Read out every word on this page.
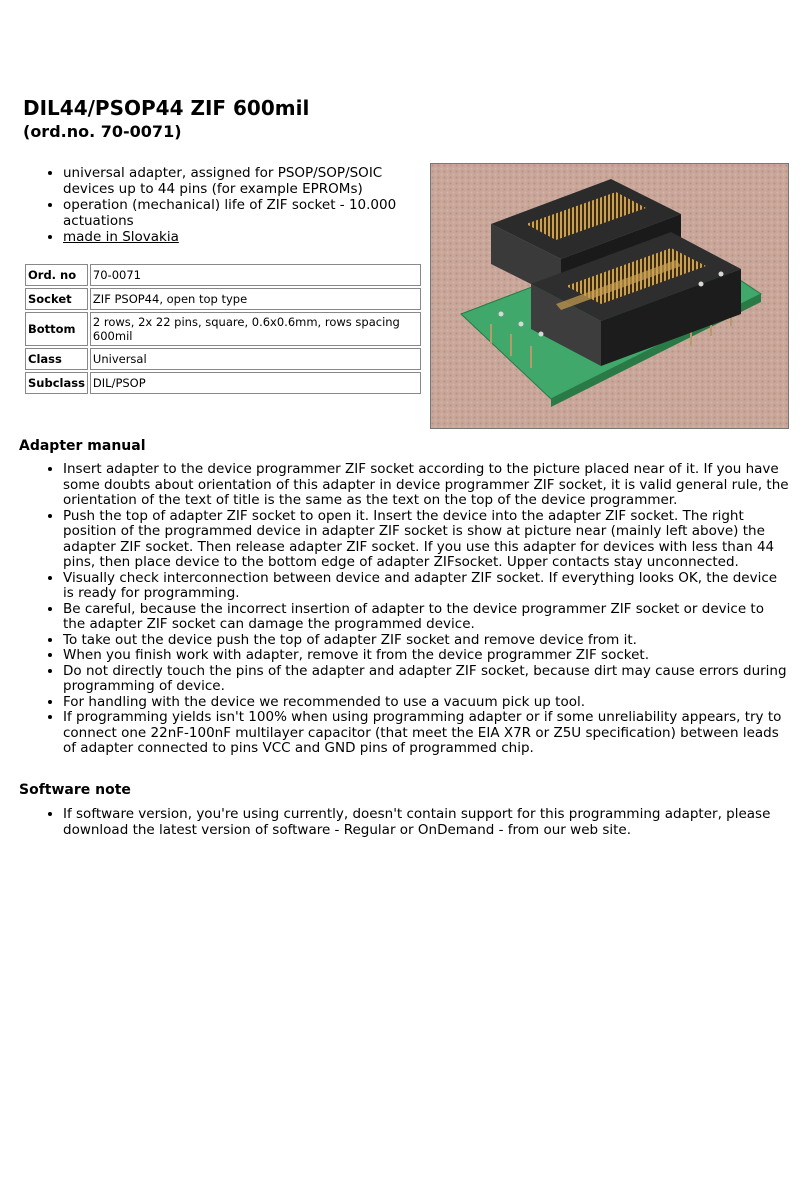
DIL44/PSOP44 ZIF 600mil
(ord.no. 70-0071)
• universal adapter, assigned for PSOP/SOP/SOIC devices up to 44 pins (for example EPROMs)
• operation (mechanical) life of ZIF socket - 10.000 actuations
• made in Slovakia
Ord. no	70-0071
Socket	ZIF PSOP44, open top type
Bottom	2 rows, 2x 22 pins, square, 0.6x0.6mm, rows spacing 600mil
Class	Universal
Subclass	DIL/PSOP
Adapter manual
• Insert adapter to the device programmer ZIF socket according to the picture placed near of it. If you have some doubts about orientation of this adapter in device programmer ZIF socket, it is valid general rule, the orientation of the text of title is the same as the text on the top of the device programmer.
• Push the top of adapter ZIF socket to open it. Insert the device into the adapter ZIF socket. The right position of the programmed device in adapter ZIF socket is show at picture near (mainly left above) the adapter ZIF socket. Then release adapter ZIF socket. If you use this adapter for devices with less than 44 pins, then place device to the bottom edge of adapter ZIFsocket. Upper contacts stay unconnected.
• Visually check interconnection between device and adapter ZIF socket. If everything looks OK, the device is ready for programming.
• Be careful, because the incorrect insertion of adapter to the device programmer ZIF socket or device to the adapter ZIF socket can damage the programmed device.
• To take out the device push the top of adapter ZIF socket and remove device from it.
• When you finish work with adapter, remove it from the device programmer ZIF socket.
• Do not directly touch the pins of the adapter and adapter ZIF socket, because dirt may cause errors during programming of device.
• For handling with the device we recommended to use a vacuum pick up tool.
• If programming yields isn't 100% when using programming adapter or if some unreliability appears, try to connect one 22nF-100nF multilayer capacitor (that meet the EIA X7R or Z5U specification) between leads of adapter connected to pins VCC and GND pins of programmed chip.
Software note
• If software version, you're using currently, doesn't contain support for this programming adapter, please download the latest version of software - Regular or OnDemand - from our web site.
